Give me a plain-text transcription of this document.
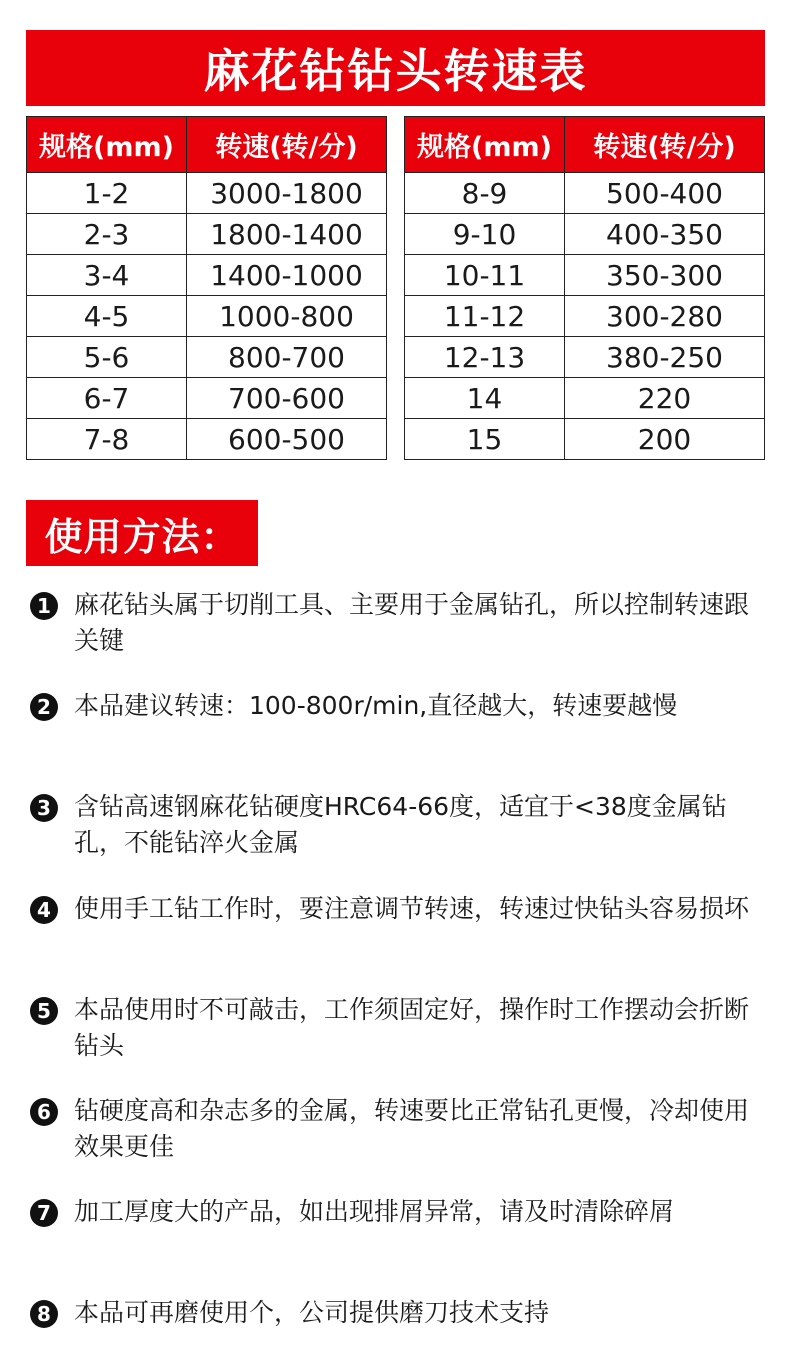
麻花钻钻头转速表
规格(mm)	转速(转/分)
1-2	3000-1800
2-3	1800-1400
3-4	1400-1000
4-5	1000-800
5-6	800-700
6-7	700-600
7-8	600-500
规格(mm)	转速(转/分)
8-9	500-400
9-10	400-350
10-11	350-300
11-12	300-280
12-13	380-250
14	220
15	200
使用方法：
1 麻花钻头属于切削工具、主要用于金属钻孔，所以控制转速跟关键
2 本品建议转速：100-800r/min,直径越大，转速要越慢
3 含钻高速钢麻花钻硬度HRC64-66度，适宜于<38度金属钻孔，不能钻淬火金属
4 使用手工钻工作时，要注意调节转速，转速过快钻头容易损坏
5 本品使用时不可敲击，工作须固定好，操作时工作摆动会折断钻头
6 钻硬度高和杂志多的金属，转速要比正常钻孔更慢，冷却使用效果更佳
7 加工厚度大的产品，如出现排屑异常，请及时清除碎屑
8 本品可再磨使用个，公司提供磨刀技术支持
